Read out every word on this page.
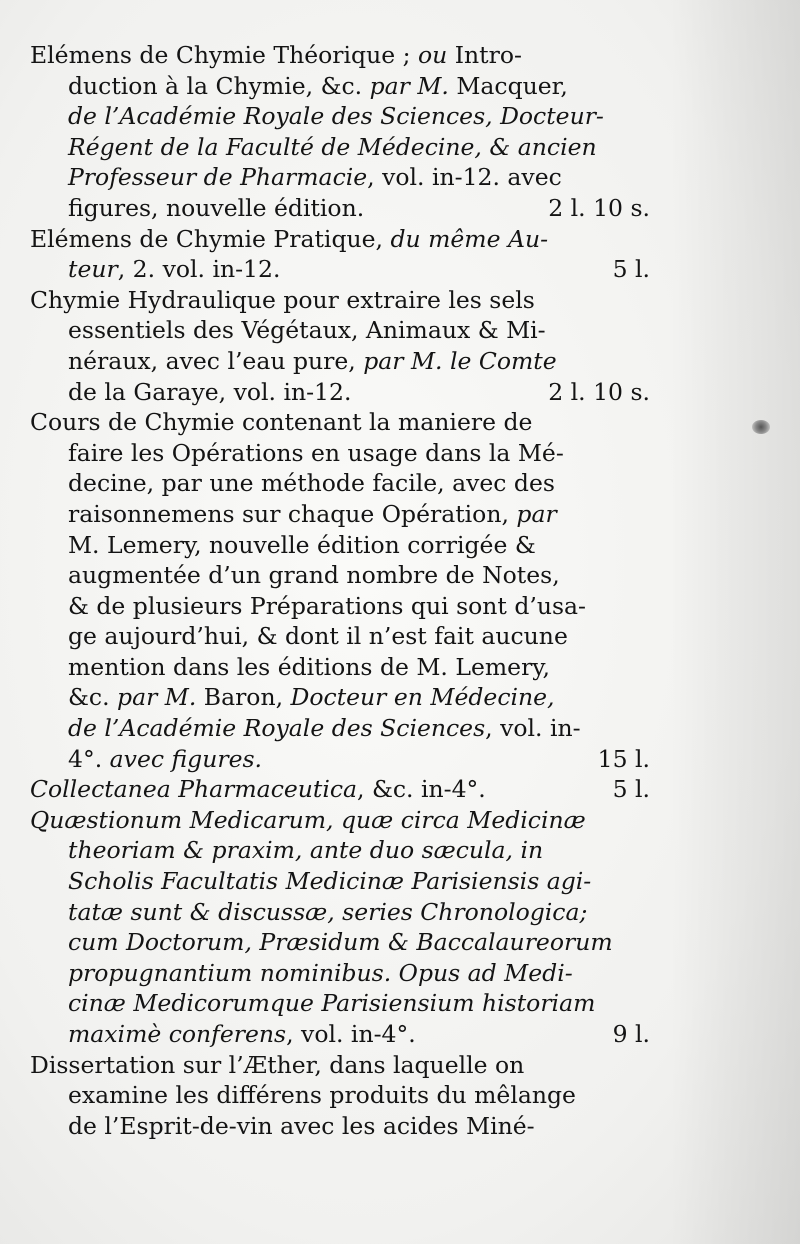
Elémens de Chymie Théorique ; ou Intro-
duction à la Chymie, &c. par M. Macquer,
de l’Académie Royale des Sciences, Docteur-
Régent de la Faculté de Médecine, & ancien
Professeur de Pharmacie, vol. in-12. avec
figures, nouvelle édition.	2 l. 10 s.
Elémens de Chymie Pratique, du même Au-
teur, 2. vol. in-12.	5 l.
Chymie Hydraulique pour extraire les sels
essentiels des Végétaux, Animaux & Mi-
néraux, avec l’eau pure, par M. le Comte
de la Garaye, vol. in-12.	2 l. 10 s.
Cours de Chymie contenant la maniere de
faire les Opérations en usage dans la Mé-
decine, par une méthode facile, avec des
raisonnemens sur chaque Opération, par
M. Lemery, nouvelle édition corrigée &
augmentée d’un grand nombre de Notes,
& de plusieurs Préparations qui sont d’usa-
ge aujourd’hui, & dont il n’est fait aucune
mention dans les éditions de M. Lemery,
&c. par M. Baron, Docteur en Médecine,
de l’Académie Royale des Sciences, vol. in-
4°. avec figures.	15 l.
Collectanea Pharmaceutica, &c. in-4°.	5 l.
Quæstionum Medicarum, quæ circa Medicinæ
theoriam & praxim, ante duo sæcula, in
Scholis Facultatis Medicinæ Parisiensis agi-
tatæ sunt & discussæ, series Chronologica;
cum Doctorum, Præsidum & Baccalaureorum
propugnantium nominibus. Opus ad Medi-
cinæ Medicorumque Parisiensium historiam
maximè conferens, vol. in-4°.	9 l.
Dissertation sur l’Æther, dans laquelle on
examine les différens produits du mêlange
de l’Esprit-de-vin avec les acides Miné-
